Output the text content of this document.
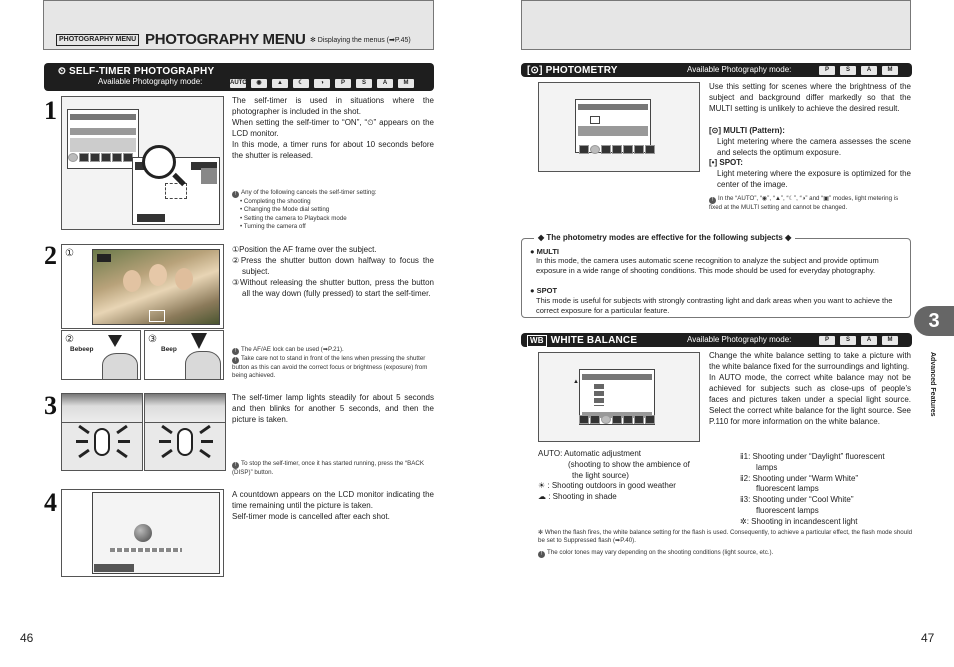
PHOTOGRAPHY MENU PHOTOGRAPHY MENU ✻ Displaying the menus (➡P.45)
⏲ SELF-TIMER PHOTOGRAPHY
Available Photography mode:	AUTO	◉	▲	☾	◑	P	S	A	M
1
2
3
4

The self-timer is used in situations where the photographer is included in the shot.

When setting the self-timer to “ON”, “⏲” appears on the LCD monitor.

In this mode, a timer runs for about 10 seconds before the shutter is released.

! Any of the following cancels the self-timer setting:
• Completing the shooting
• Changing the Mode dial setting
• Setting the camera to Playback mode
• Turning the camera off
①
②
Bebeep
③
Beep

①Position the AF frame over the subject.

②Press the shutter button down halfway to focus the subject.

③Without releasing the shutter button, press the button all the way down (fully pressed) to start the self-timer.

! The AF/AE lock can be used (➡P.21).
! Take care not to stand in front of the lens when pressing the shutter button as this can avoid the correct focus or brightness (exposure) from being achieved.
The self-timer lamp lights steadily for about 5 seconds and then blinks for another 5 seconds, and then the picture is taken.
! To stop the self-timer, once it has started running, press the “BACK (DISP)” button.

A countdown appears on the LCD monitor indicating the time remaining until the picture is taken.

Self-timer mode is cancelled after each shot.

46
[⊙] PHOTOMETRY	Available Photography mode:	P	S	A	M
Use this setting for scenes where the brightness of the subject and background differ markedly so that the MULTI setting is unlikely to achieve the desired result.
[⊙] MULTI (Pattern):
Light metering where the camera assesses the scene and selects the optimum exposure.
[•] SPOT:
Light metering where the exposure is optimized for the center of the image.
! In the “AUTO”, “◉”, “▲”, “☾”, “◑” and “▣” modes, light metering is fixed at the MULTI setting and cannot be changed.
◆ The photometry modes are effective for the following subjects ◆
● MULTI
In this mode, the camera uses automatic scene recognition to analyze the subject and provide optimum exposure in a wide range of shooting conditions. This mode should be used for everyday photography.
● SPOT
This mode is useful for subjects with strongly contrasting light and dark areas when you want to achieve the correct exposure for a particular feature.
WB WHITE BALANCE	Available Photography mode:	P	S	A	M
▲

Change the white balance setting to take a picture with the white balance fixed for the surroundings and lighting.

In AUTO mode, the correct white balance may not be achieved for subjects such as close-ups of people’s faces and pictures taken under a special light source. Select the correct white balance for the light source. See P.110 for more information on the white balance.

AUTO: Automatic adjustment
(shooting to show the ambience of
the light source)
☀ : Shooting outdoors in good weather
☁ : Shooting in shade
ⅱ1: Shooting under “Daylight” fluorescent
lamps
ⅱ2: Shooting under “Warm White”
fluorescent lamps
ⅱ3: Shooting under “Cool White”
fluorescent lamps
✲: Shooting in incandescent light
✻ When the flash fires, the white balance setting for the flash is used. Consequently, to achieve a particular effect, the flash mode should be set to Suppressed flash (➡P.40).
! The color tones may vary depending on the shooting conditions (light source, etc.).
3
Advanced Features
47
